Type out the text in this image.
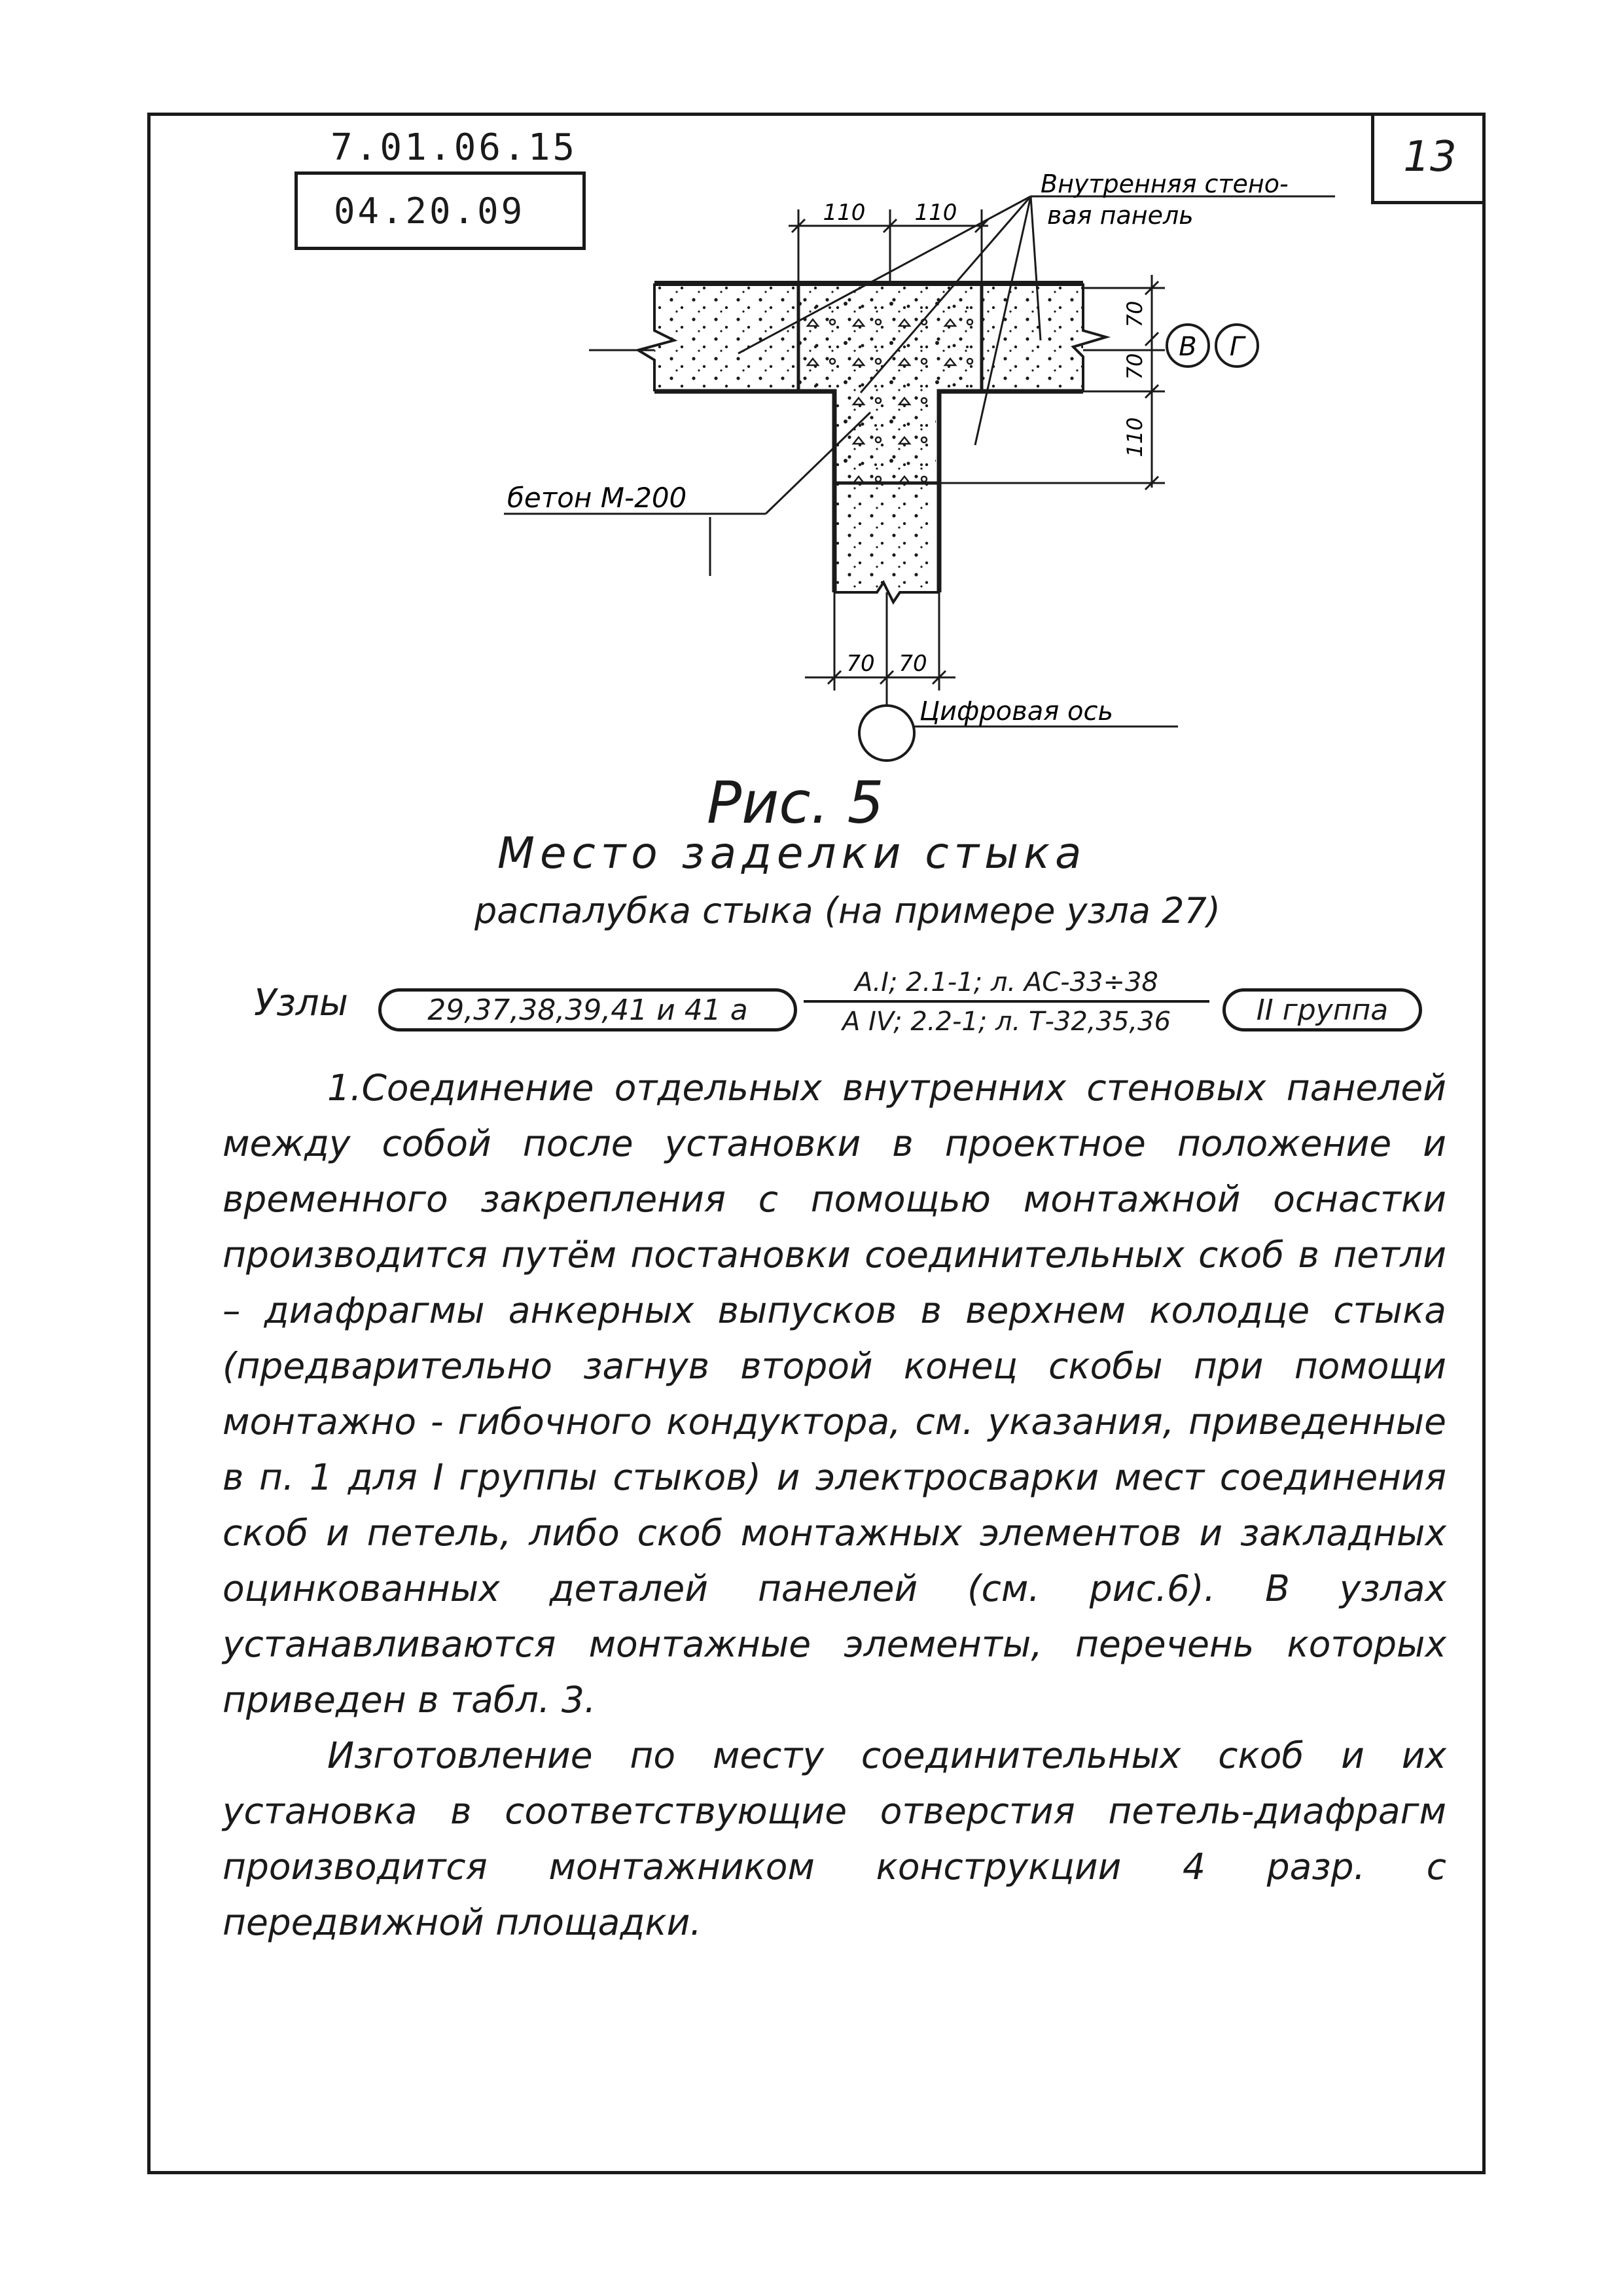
7.01.06.15
04.20.09
13
Внутренняя стено-
вая панель
бетон М-200
Цифровая ось
В Г
110 110
70
70
110
70 70
Рис. 5
Место заделки стыка
распалубка стыка (на примере узла 27)
Узлы	29,37,38,39,41 и 41 а
А.I; 2.1-1; л. АС-33÷38
А IV; 2.2-1; л. Т-32,35,36	II группа

1.Соединение отдельных внутренних стеновых панелей между собой после установки в проектное положение и временного закрепления с помощью монтажной оснастки производится путём постановки соединительных скоб в петли – диафрагмы анкерных выпусков в верхнем колодце стыка (предварительно загнув второй конец скобы при помощи монтажно - гибочного кондуктора, см. указания, приведенные в п. 1 для I группы стыков) и электросварки мест соединения скоб и петель, либо скоб монтажных элементов и закладных оцинкованных деталей панелей (см. рис.6). В узлах устанавливаются монтажные элементы, перечень которых приведен в табл. 3.

Изготовление по месту соединительных скоб и их установка в соответствующие отверстия петель-диафрагм производится монтажником конструкции 4 разр. с передвижной площадки.
